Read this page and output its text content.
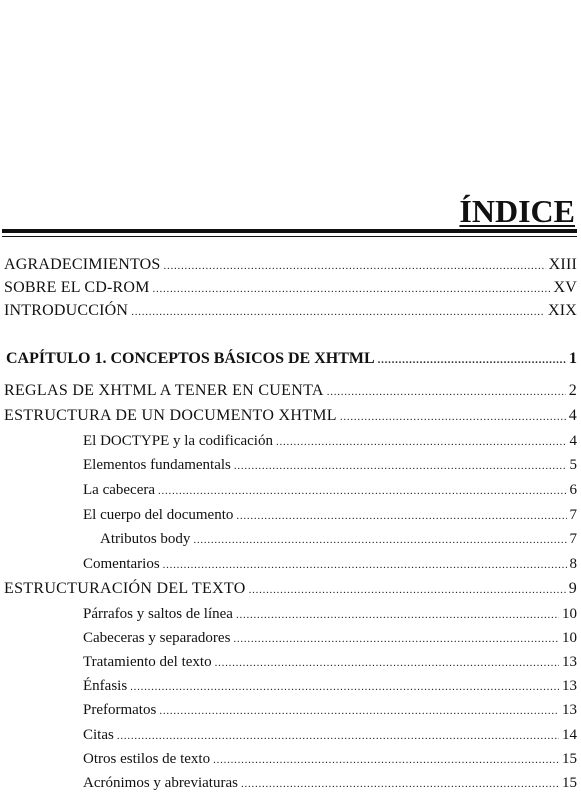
ÍNDICE
AGRADECIMIENTOS . . .	XIII
SOBRE EL CD-ROM . . .	XV
INTRODUCCIÓN . . .	XIX
CAPÍTULO 1. CONCEPTOS BÁSICOS DE XHTML . . .	1
REGLAS DE XHTML A TENER EN CUENTA . . .	2
ESTRUCTURA DE UN DOCUMENTO XHTML . . .	4
El DOCTYPE y la codificación . . .	4
Elementos fundamentals . . .	5
La cabecera . . .	6
El cuerpo del documento . . .	7
Atributos body . . .	7
Comentarios . . .	8
ESTRUCTURACIÓN DEL TEXTO . . .	9
Párrafos y saltos de línea . . .	10
Cabeceras y separadores . . .	10
Tratamiento del texto . . .	13
Énfasis . . .	13
Preformatos . . .	13
Citas . . .	14
Otros estilos de texto . . .	15
Acrónimos y abreviaturas . . .	15
